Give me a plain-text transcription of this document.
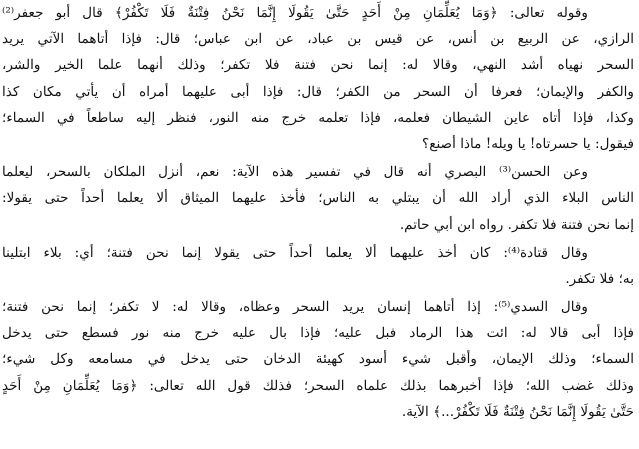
وقوله تعالى: ﴿وَمَا يُعَلِّمَانِ مِنْ أَحَدٍ حَتَّىٰ يَقُولَا إِنَّمَا نَحْنُ فِتْنَةٌ فَلَا تَكْفُرْ﴾ قال أبو جعفر⁽²⁾
الرازي، عن الربيع بن أنس، عن قيس بن عباد، عن ابن عباس؛ قال: فإذا أتاهما الآتي يريد
السحر نهياه أشد النهي، وقالا له: إنما نحن فتنة فلا تكفر؛ وذلك أنهما علما الخير والشر،
والكفر والإيمان؛ فعرفا أن السحر من الكفر؛ قال: فإذا أبى عليهما أمراه أن يأتي مكان كذا
وكذا، فإذا أتاه عاين الشيطان فعلمه، فإذا تعلمه خرج منه النور، فنظر إليه ساطعاً في السماء؛
فيقول: يا حسرتاه! يا ويله! ماذا أصنع؟
وعن الحسن⁽³⁾ البصري أنه قال في تفسير هذه الآية: نعم، أنزل الملكان بالسحر، ليعلما
الناس البلاء الذي أراد الله أن يبتلي به الناس؛ فأخذ عليهما الميثاق ألا يعلما أحداً حتى يقولا:
إنما نحن فتنة فلا تكفر. رواه ابن أبي حاتم.
وقال قتادة⁽⁴⁾: كان أخذ عليهما ألا يعلما أحداً حتى يقولا إنما نحن فتنة؛ أي: بلاء ابتلينا
به؛ فلا تكفر.
وقال السدي⁽⁵⁾: إذا أتاهما إنسان يريد السحر وعظاه، وقالا له: لا تكفر؛ إنما نحن فتنة؛
فإذا أبى قالا له: ائت هذا الرماد فبل عليه؛ فإذا بال عليه خرج منه نور فسطع حتى يدخل
السماء؛ وذلك الإيمان، وأقبل شيء أسود كهيئة الدخان حتى يدخل في مسامعه وكل شيء؛
وذلك غضب الله؛ فإذا أخبرهما بذلك علماه السحر؛ فذلك قول الله تعالى: ﴿وَمَا يُعَلِّمَانِ مِنْ أَحَدٍ
حَتَّىٰ يَقُولَا إِنَّمَا نَحْنُ فِتْنَةٌ فَلَا تَكْفُرْ...﴾ الآية.
